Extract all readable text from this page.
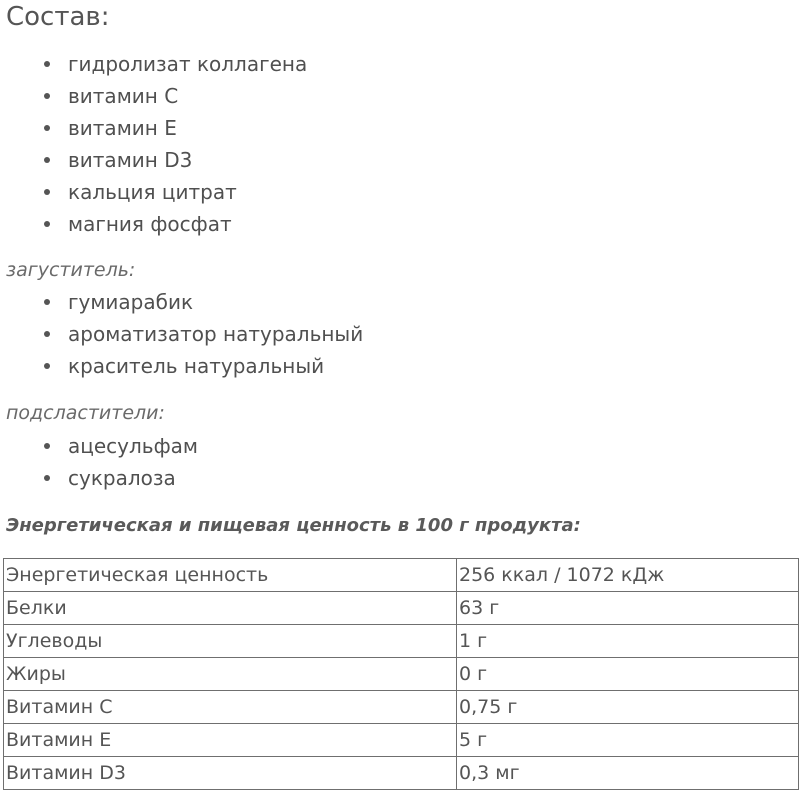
Состав:
гидролизат коллагена
витамин С
витамин Е
витамин D3
кальция цитрат
магния фосфат
загуститель:
гумиарабик
ароматизатор натуральный
краситель натуральный
подсластители:
ацесульфам
сукралоза
Энергетическая и пищевая ценность в 100 г продукта:
Энергетическая ценность	256 ккал / 1072 кДж
Белки	63 г
Углеводы	1 г
Жиры	0 г
Витамин С	0,75 г
Витамин Е	5 г
Витамин D3	0,3 мг
